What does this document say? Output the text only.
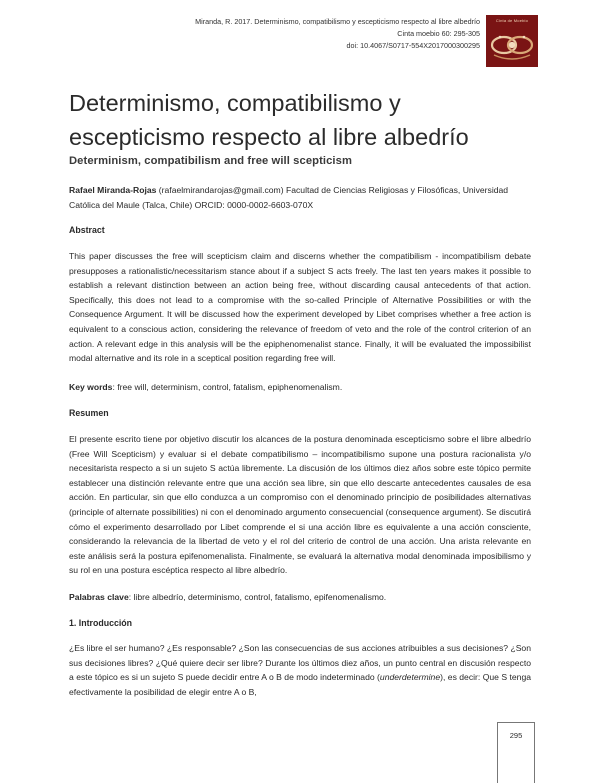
Miranda, R. 2017. Determinismo, compatibilismo y escepticismo respecto al libre albedrío
Cinta moebio 60: 295-305
doi: 10.4067/S0717-554X2017000300295
Cinta de Moebio
Determinismo, compatibilismo y escepticismo respecto al libre albedrío
Determinism, compatibilism and free will scepticism
Rafael Miranda-Rojas (rafaelmirandarojas@gmail.com) Facultad de Ciencias Religiosas y Filosóficas, Universidad Católica del Maule (Talca, Chile) ORCID: 0000-0002-6603-070X
Abstract

This paper discusses the free will scepticism claim and discerns whether the compatibilism - incompatibilism debate presupposes a rationalistic/necessitarism stance about if a subject S acts freely. The last ten years makes it possible to establish a relevant distinction between an action being free, without discarding causal antecedents of that action. Specifically, this does not lead to a compromise with the so-called Principle of Alternative Possibilities or with the Consequence Argument. It will be discussed how the experiment developed by Libet comprises whether a free action is equivalent to a conscious action, considering the relevance of freedom of veto and the role of the control criterion of an action. A relevant edge in this analysis will be the epiphenomenalist stance. Finally, it will be evaluated the impossibilist modal alternative and its role in a sceptical position regarding free will.

Key words: free will, determinism, control, fatalism, epiphenomenalism.
Resumen

El presente escrito tiene por objetivo discutir los alcances de la postura denominada escepticismo sobre el libre albedrío (Free Will Scepticism) y evaluar si el debate compatibilismo – incompatibilismo supone una postura racionalista y/o necesitarista respecto a si un sujeto S actúa libremente. La discusión de los últimos diez años sobre este tópico permite establecer una distinción relevante entre que una acción sea libre, sin que ello descarte antecedentes causales de esa acción. En particular, sin que ello conduzca a un compromiso con el denominado principio de posibilidades alternativas (principle of alternate possibilities) ni con el denominado argumento consecuencial (consequence argument). Se discutirá cómo el experimento desarrollado por Libet comprende el si una acción libre es equivalente a una acción consciente, considerando la relevancia de la libertad de veto y el rol del criterio de control de una acción. Una arista relevante en este análisis será la postura epifenomenalista. Finalmente, se evaluará la alternativa modal denominada imposibilismo y su rol en una postura escéptica respecto al libre albedrío.

Palabras clave: libre albedrío, determinismo, control, fatalismo, epifenomenalismo.
1. Introducción

¿Es libre el ser humano? ¿Es responsable? ¿Son las consecuencias de sus acciones atribuibles a sus decisiones? ¿Son sus decisiones libres? ¿Qué quiere decir ser libre? Durante los últimos diez años, un punto central en discusión respecto a este tópico es si un sujeto S puede decidir entre A o B de modo indeterminado (underdetermine), es decir: Que S tenga efectivamente la posibilidad de elegir entre A o B,

295
